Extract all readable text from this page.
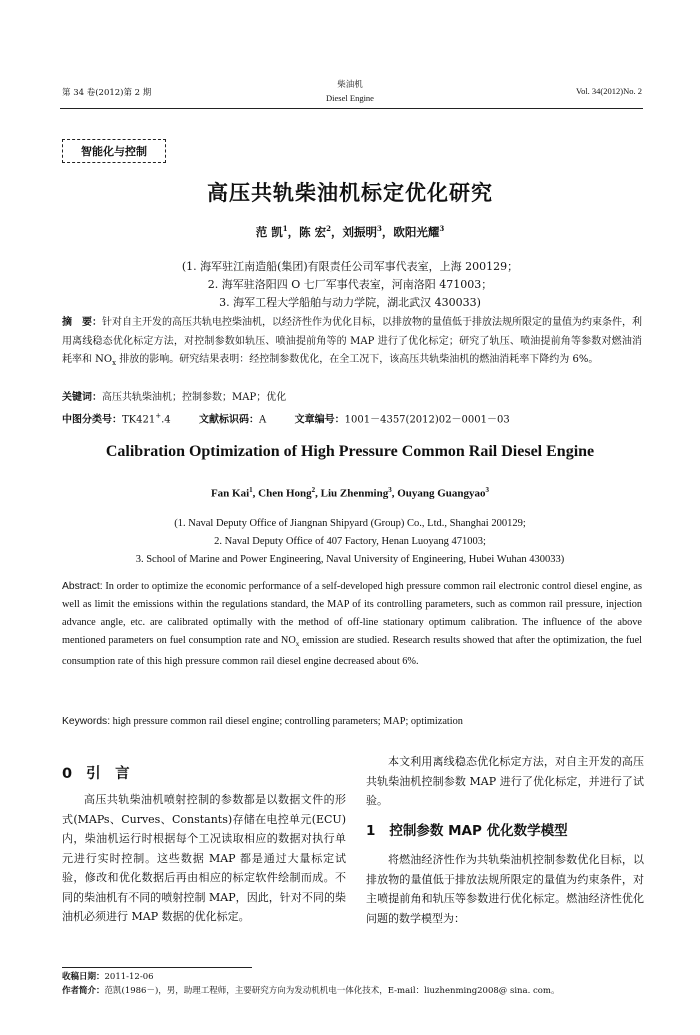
第 34 卷(2012)第 2 期
柴油机
Diesel Engine
Vol. 34(2012)No. 2
智能化与控制
高压共轨柴油机标定优化研究
范 凯$^1$，陈 宏$^2$，刘振明$^3$，欧阳光耀$^3$
(1. 海军驻江南造船(集团)有限责任公司军事代表室，上海 200129；
2. 海军驻洛阳四 O 七厂军事代表室，河南洛阳 471003；
3. 海军工程大学船舶与动力学院，湖北武汉 430033)
摘　要：针对自主开发的高压共轨电控柴油机，以经济性作为优化目标，以排放物的量值低于排放法规所限定的量值为约束条件，利用离线稳态优化标定方法，对控制参数如轨压、喷油提前角等的 MAP 进行了优化标定；研究了轨压、喷油提前角等参数对燃油消耗率和 $NO_x$ 排放的影响。研究结果表明：经控制参数优化，在全工况下，该高压共轨柴油机的燃油消耗率下降约为 6%。
关键词：高压共轨柴油机；控制参数；MAP；优化
中图分类号：TK421+.4	文献标识码：A	文章编号：1001－4357(2012)02－0001－03
Calibration Optimization of High Pressure Common Rail Diesel Engine
Fan Kai$^1$, Chen Hong$^2$, Liu Zhenming$^3$, Ouyang Guangyao$^3$
(1. Naval Deputy Office of Jiangnan Shipyard (Group) Co., Ltd., Shanghai 200129;
2. Naval Deputy Office of 407 Factory, Henan Luoyang 471003;
3. School of Marine and Power Engineering, Naval University of Engineering, Hubei Wuhan 430033)
Abstract: In order to optimize the economic performance of a self-developed high pressure common rail electronic control diesel engine, as well as limit the emissions within the regulations standard, the MAP of its controlling parameters, such as common rail pressure, injection advance angle, etc. are calibrated optimally with the method of off-line stationary optimum calibration. The influence of the above mentioned parameters on fuel consumption rate and $NO_x$ emission are studied. Research results showed that after the optimization, the fuel consumption rate of this high pressure common rail diesel engine decreased about 6%.
Keywords: high pressure common rail diesel engine; controlling parameters; MAP; optimization
0 引　言
高压共轨柴油机喷射控制的参数都是以数据文件的形式(MAPs、Curves、Constants)存储在电控单元(ECU)内，柴油机运行时根据每个工况读取相应的数据对执行单元进行实时控制。这些数据 MAP 都是通过大量标定试验，修改和优化数据后再由相应的标定软件绘制而成。不同的柴油机有不同的喷射控制 MAP，因此，针对不同的柴油机必须进行 MAP 数据的优化标定。
本文利用离线稳态优化标定方法，对自主开发的高压共轨柴油机控制参数 MAP 进行了优化标定，并进行了试验。
1 控制参数 MAP 优化数学模型
将燃油经济性作为共轨柴油机控制参数优化目标，以排放物的量值低于排放法规所限定的量值为约束条件，对主喷提前角和轨压等参数进行优化标定。燃油经济性优化问题的数学模型为：
收稿日期：2011-12-06
作者简介：范凯(1986－)，男，助理工程师，主要研究方向为发动机机电一体化技术，E-mail：liuzhenming2008@ sina. com。
